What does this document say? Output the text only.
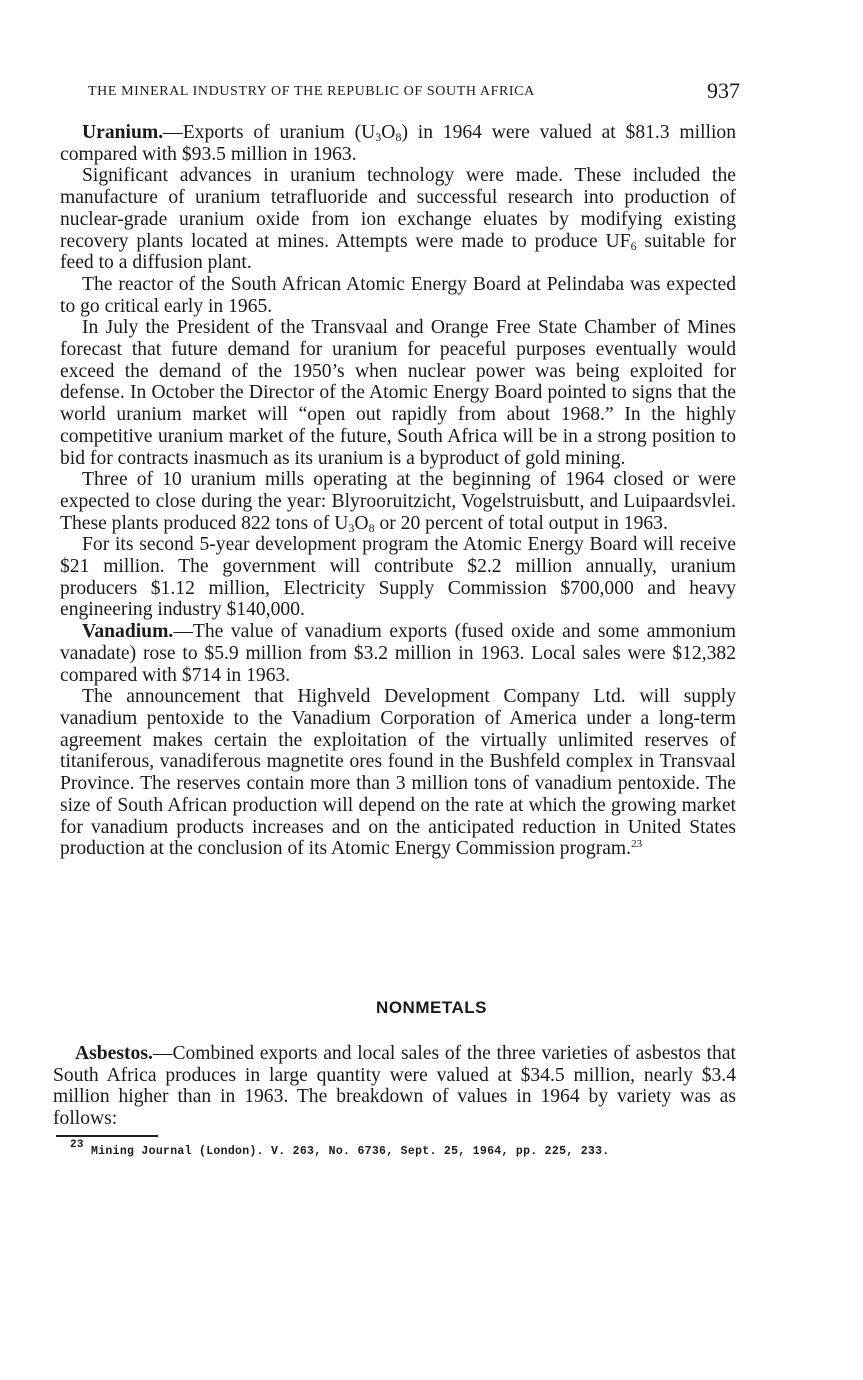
THE MINERAL INDUSTRY OF THE REPUBLIC OF SOUTH AFRICA	937

Uranium.—Exports of uranium $(U_3O_8)$ in 1964 were valued at $81.3 million compared with $93.5 million in 1963.

Significant advances in uranium technology were made. These included the manufacture of uranium tetrafluoride and successful research into production of nuclear-grade uranium oxide from ion exchange eluates by modifying existing recovery plants located at mines. Attempts were made to produce $UF_6$ suitable for feed to a diffusion plant.

The reactor of the South African Atomic Energy Board at Pelindaba was expected to go critical early in 1965.

In July the President of the Transvaal and Orange Free State Chamber of Mines forecast that future demand for uranium for peaceful purposes eventually would exceed the demand of the 1950’s when nuclear power was being exploited for defense. In October the Director of the Atomic Energy Board pointed to signs that the world uranium market will “open out rapidly from about 1968.” In the highly competitive uranium market of the future, South Africa will be in a strong position to bid for contracts inasmuch as its uranium is a byproduct of gold mining.

Three of 10 uranium mills operating at the beginning of 1964 closed or were expected to close during the year: Blyrooruitzicht, Vogelstruisbutt, and Luipaardsvlei. These plants produced 822 tons of $U_3O_8$ or 20 percent of total output in 1963.

For its second 5-year development program the Atomic Energy Board will receive $21 million. The government will contribute $2.2 million annually, uranium producers $1.12 million, Electricity Supply Commission $700,000 and heavy engineering industry $140,000.

Vanadium.—The value of vanadium exports (fused oxide and some ammonium vanadate) rose to $5.9 million from $3.2 million in 1963. Local sales were $12,382 compared with $714 in 1963.

The announcement that Highveld Development Company Ltd. will supply vanadium pentoxide to the Vanadium Corporation of America under a long-term agreement makes certain the exploitation of the virtually unlimited reserves of titaniferous, vanadiferous magnetite ores found in the Bushfeld complex in Transvaal Province. The reserves contain more than 3 million tons of vanadium pentoxide. The size of South African production will depend on the rate at which the growing market for vanadium products increases and on the anticipated reduction in United States production at the conclusion of its Atomic Energy Commission program.$^{23}$

NONMETALS

Asbestos.—Combined exports and local sales of the three varieties of asbestos that South Africa produces in large quantity were valued at $34.5 million, nearly $3.4 million higher than in 1963. The breakdown of values in 1964 by variety was as follows:

$^{23}$ Mining Journal (London). V. 263, No. 6736, Sept. 25, 1964, pp. 225, 233.
